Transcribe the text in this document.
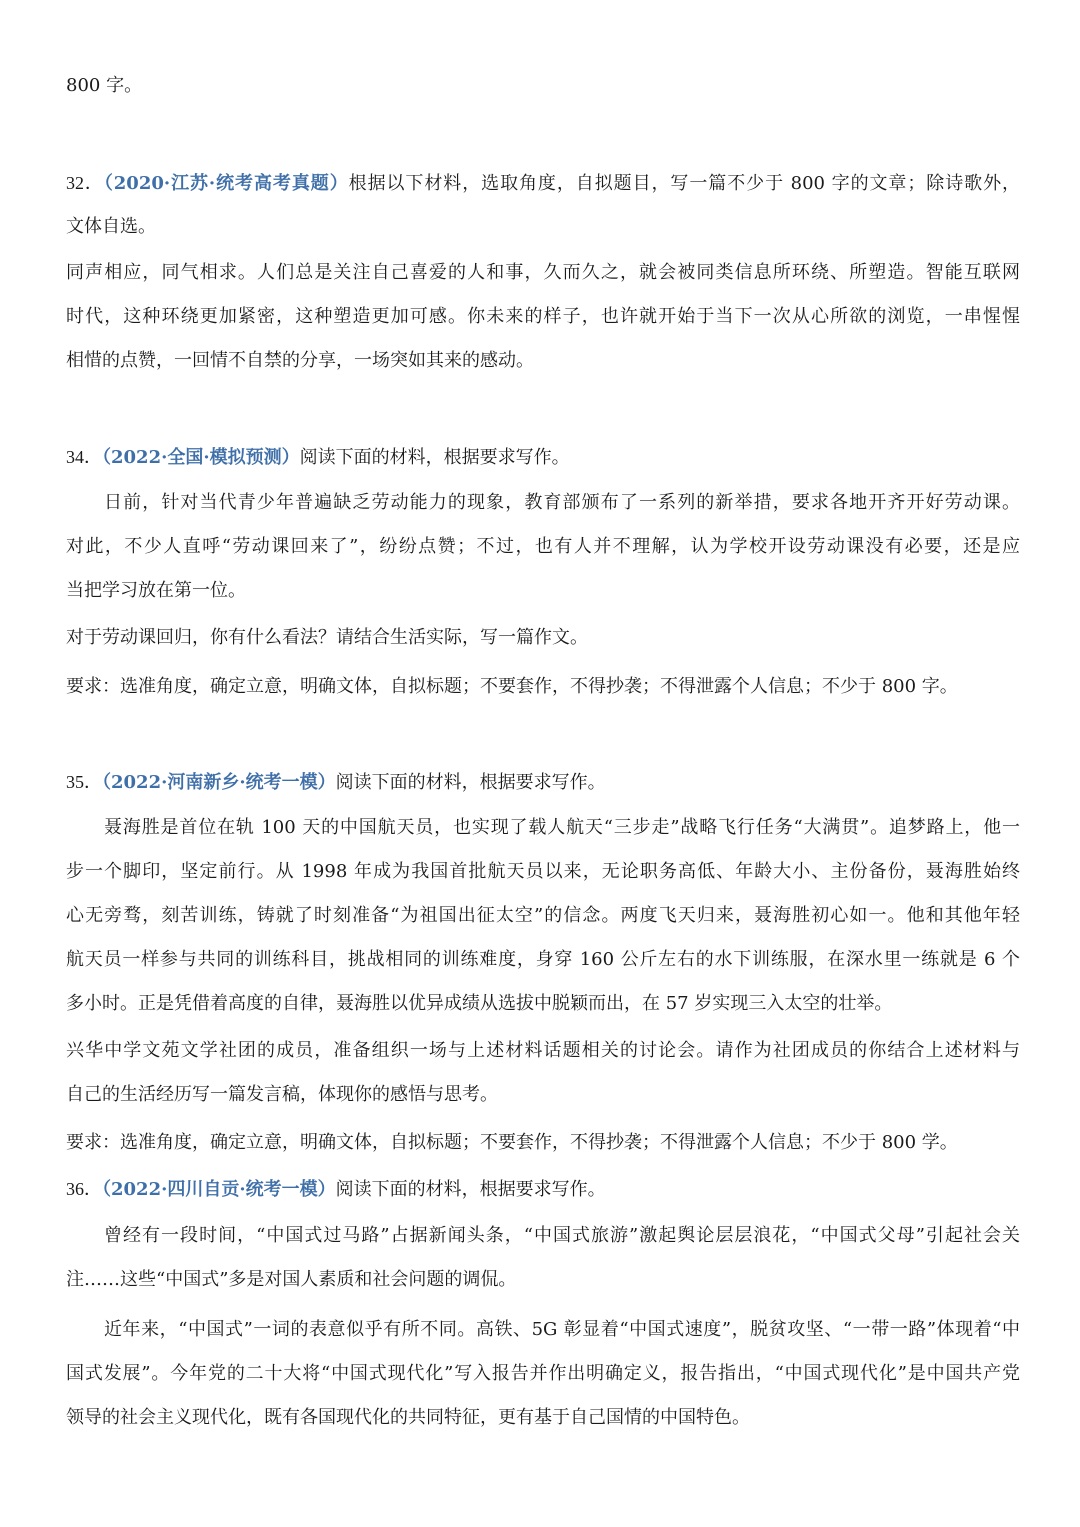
800 字。
32．（2020·江苏·统考高考真题）根据以下材料，选取角度，自拟题目，写一篇不少于 800 字的文章；除诗歌外，
文体自选。
同声相应，同气相求。人们总是关注自己喜爱的人和事，久而久之，就会被同类信息所环绕、所塑造。智能互联网
时代，这种环绕更加紧密，这种塑造更加可感。你未来的样子，也许就开始于当下一次从心所欲的浏览，一串惺惺
相惜的点赞，一回情不自禁的分享，一场突如其来的感动。
34．（2022·全国·模拟预测）阅读下面的材料，根据要求写作。
日前，针对当代青少年普遍缺乏劳动能力的现象，教育部颁布了一系列的新举措，要求各地开齐开好劳动课。
对此，不少人直呼“劳动课回来了”，纷纷点赞；不过，也有人并不理解，认为学校开设劳动课没有必要，还是应
当把学习放在第一位。
对于劳动课回归，你有什么看法？请结合生活实际，写一篇作文。
要求：选准角度，确定立意，明确文体，自拟标题；不要套作，不得抄袭；不得泄露个人信息；不少于 800 字。
35．（2022·河南新乡·统考一模）阅读下面的材料，根据要求写作。
聂海胜是首位在轨 100 天的中国航天员，也实现了载人航天“三步走”战略飞行任务“大满贯”。追梦路上，他一
步一个脚印，坚定前行。从 1998 年成为我国首批航天员以来，无论职务高低、年龄大小、主份备份，聂海胜始终
心无旁骛，刻苦训练，铸就了时刻准备“为祖国出征太空”的信念。两度飞天归来，聂海胜初心如一。他和其他年轻
航天员一样参与共同的训练科目，挑战相同的训练难度，身穿 160 公斤左右的水下训练服，在深水里一练就是 6 个
多小时。正是凭借着高度的自律，聂海胜以优异成绩从选拔中脱颖而出，在 57 岁实现三入太空的壮举。
兴华中学文苑文学社团的成员，准备组织一场与上述材料话题相关的讨论会。请作为社团成员的你结合上述材料与
自己的生活经历写一篇发言稿，体现你的感悟与思考。
要求：选准角度，确定立意，明确文体，自拟标题；不要套作，不得抄袭；不得泄露个人信息；不少于 800 学。
36．（2022·四川自贡·统考一模）阅读下面的材料，根据要求写作。
曾经有一段时间，“中国式过马路”占据新闻头条，“中国式旅游”激起舆论层层浪花，“中国式父母”引起社会关
注……这些“中国式”多是对国人素质和社会问题的调侃。
近年来，“中国式”一词的表意似乎有所不同。高铁、5G 彰显着“中国式速度”，脱贫攻坚、“一带一路”体现着“中
国式发展”。今年党的二十大将“中国式现代化”写入报告并作出明确定义，报告指出，“中国式现代化”是中国共产党
领导的社会主义现代化，既有各国现代化的共同特征，更有基于自己国情的中国特色。
